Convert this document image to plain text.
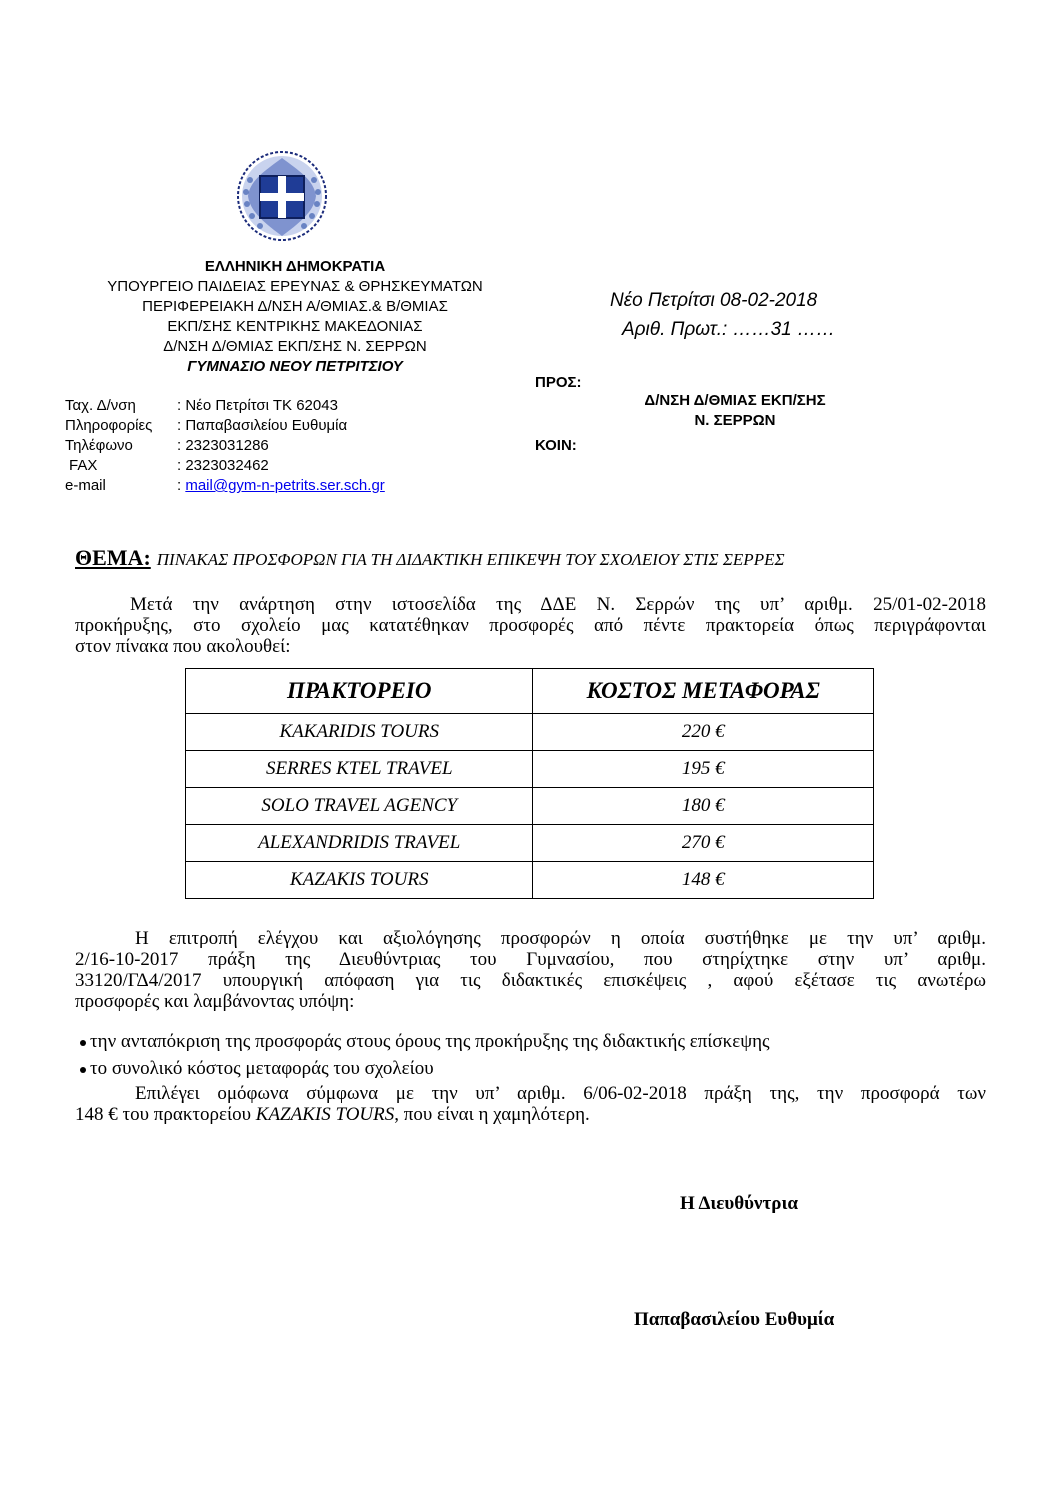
ΕΛΛΗΝΙΚΗ ΔΗΜΟΚΡΑΤΙΑ
ΥΠΟΥΡΓΕΙΟ ΠΑΙΔΕΙΑΣ ΕΡΕΥΝΑΣ & ΘΡΗΣΚΕΥΜΑΤΩΝ
ΠΕΡΙΦΕΡΕΙΑΚΗ Δ/ΝΣΗ Α/ΘΜΙΑΣ.& Β/ΘΜΙΑΣ
ΕΚΠ/ΣΗΣ ΚΕΝΤΡΙΚΗΣ ΜΑΚΕΔΟΝΙΑΣ
Δ/ΝΣΗ Δ/ΘΜΙΑΣ ΕΚΠ/ΣΗΣ Ν. ΣΕΡΡΩΝ
ΓΥΜΝΑΣΙΟ ΝΕΟΥ ΠΕΤΡΙΤΣΙΟΥ
Νέο Πετρίτσι 08-02-2018
Αριθ. Πρωτ.: ……31 ……
Ταχ. Δ/νση	: Νέο Πετρίτσι ΤΚ 62043
Πληροφορίες : Παπαβασιλείου Ευθυμία
Τηλέφωνο	: 2323031286
FAX	: 2323032462
e-mail	: mail@gym-n-petrits.ser.sch.gr
ΠΡΟΣ:
Δ/ΝΣΗ Δ/ΘΜΙΑΣ ΕΚΠ/ΣΗΣ
Ν. ΣΕΡΡΩΝ
ΚΟΙΝ:
ΘΕΜΑ: ΠΙΝΑΚΑΣ ΠΡΟΣΦΟΡΩΝ ΓΙΑ ΤΗ ΔΙΔΑΚΤΙΚΗ ΕΠΙΚΕΨΗ ΤΟΥ ΣΧΟΛΕΙΟΥ ΣΤΙΣ ΣΕΡΡΕΣ
Μετά την ανάρτηση στην ιστοσελίδα της ΔΔΕ Ν. Σερρών της υπ’ αριθμ. 25/01-02-2018
προκήρυξης, στο σχολείο μας κατατέθηκαν προσφορές από πέντε πρακτορεία όπως περιγράφονται
στον πίνακα που ακολουθεί:
ΠΡΑΚΤΟΡΕΙΟ	ΚΟΣΤΟΣ ΜΕΤΑΦΟΡΑΣ
KAKARIDIS TOURS	220 €
SERRES KTEL TRAVEL	195 €
SOLO TRAVEL AGENCY	180 €
ALEXANDRIDIS TRAVEL	270 €
KAZAKIS TOURS	148 €
Η επιτροπή ελέγχου και αξιολόγησης προσφορών η οποία συστήθηκε με την υπ’ αριθμ.
2/16-10-2017 πράξη της Διευθύντριας του Γυμνασίου, που στηρίχτηκε στην υπ’ αριθμ.
33120/ΓΔ4/2017 υπουργική απόφαση για τις διδακτικές επισκέψεις , αφού εξέτασε τις ανωτέρω
προσφορές και λαμβάνοντας υπόψη:
την ανταπόκριση της προσφοράς στους όρους της προκήρυξης της διδακτικής επίσκεψης
το συνολικό κόστος μεταφοράς του σχολείου
Επιλέγει ομόφωνα σύμφωνα με την υπ’ αριθμ. 6/06-02-2018 πράξη της, την προσφορά των
148 € του πρακτορείου KAZAKIS TOURS, που είναι η χαμηλότερη.
Η Διευθύντρια
Παπαβασιλείου Ευθυμία
